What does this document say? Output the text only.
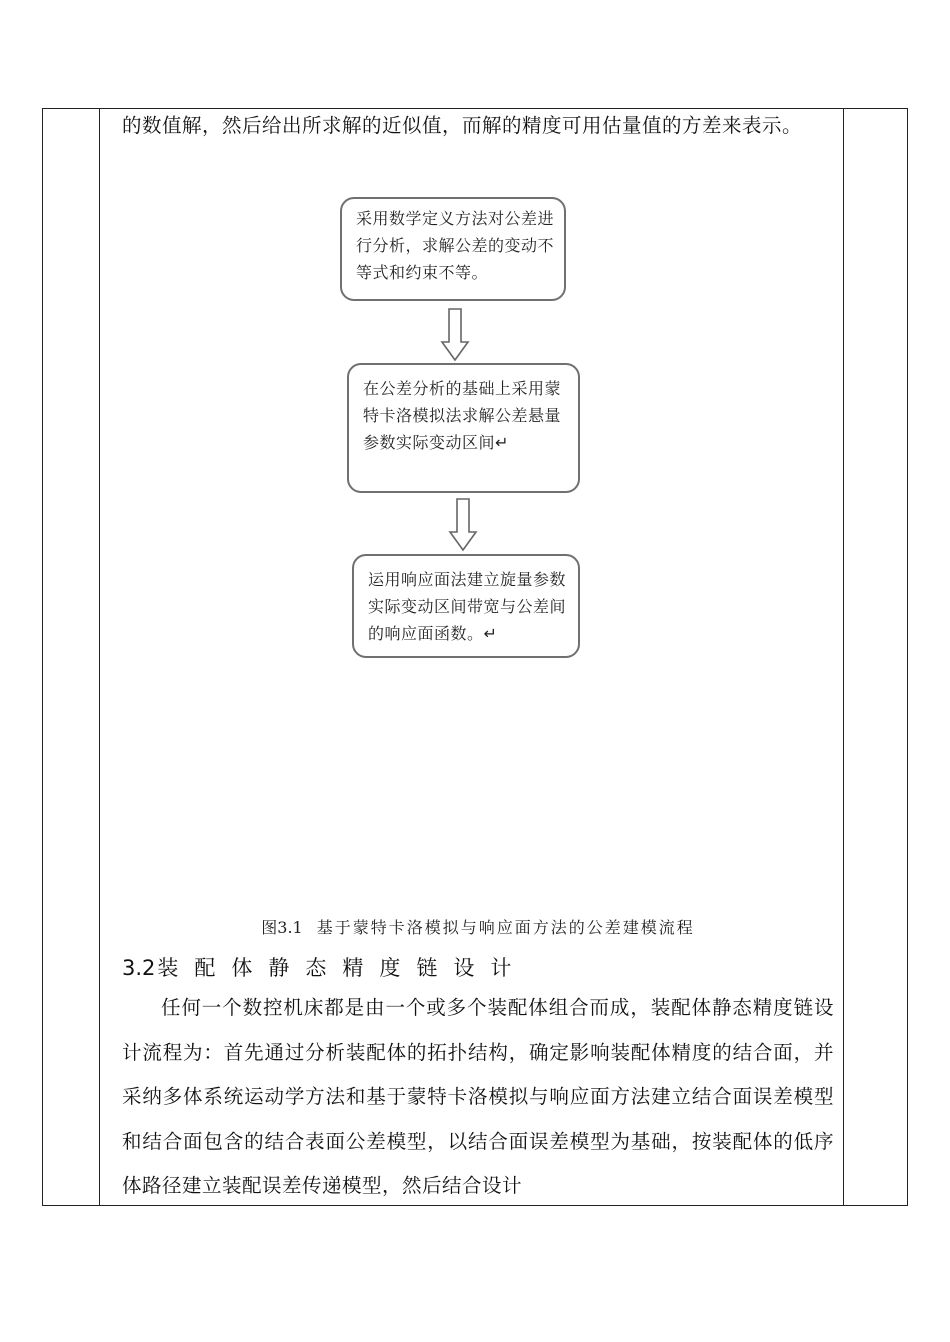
的数值解，然后给出所求解的近似值，而解的精度可用估量值的方差来表示。

采用数学定义方法对公差进行分析，求解公差的变动不等式和约束不等。
在公差分析的基础上采用蒙特卡洛模拟法求解公差悬量参数实际变动区间↵
运用响应面法建立旋量参数实际变动区间带宽与公差间的响应面函数。↵
图3.1 基于蒙特卡洛模拟与响应面方法的公差建模流程
3.2装配体静态精度链设计

任何一个数控机床都是由一个或多个装配体组合而成，装配体静态精度链设计流程为：首先通过分析装配体的拓扑结构，确定影响装配体精度的结合面，并采纳多体系统运动学方法和基于蒙特卡洛模拟与响应面方法建立结合面误差模型和结合面包含的结合表面公差模型，以结合面误差模型为基础，按装配体的低序体路径建立装配误差传递模型，然后结合设计
